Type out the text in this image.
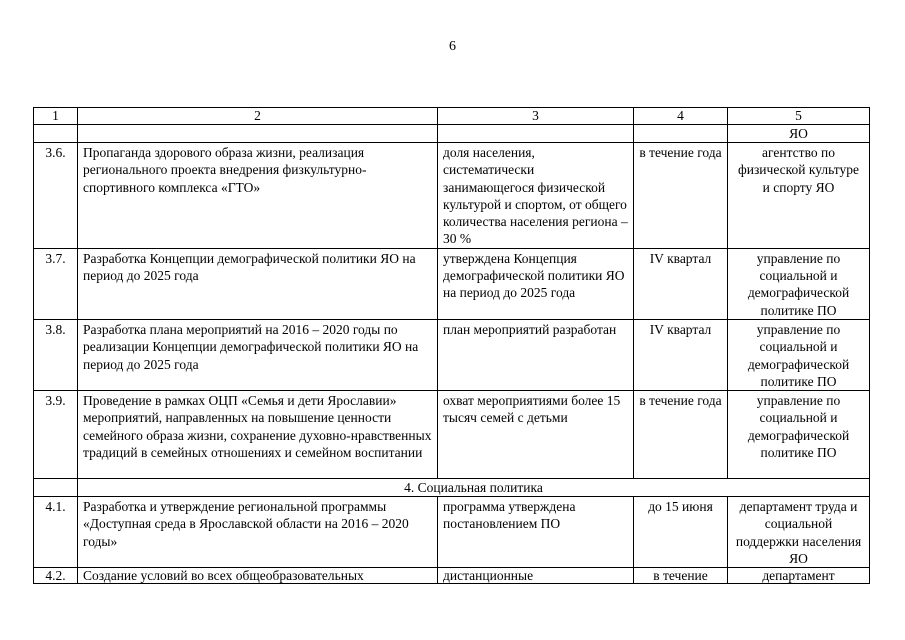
6
1	2	3	4	5
				ЯО
3.6.	Пропаганда здорового образа жизни, реализация регионального проекта внедрения физкультурно-спортивного комплекса «ГТО»	доля населения, систематически занимающегося физической культурой и спортом, от общего количества населения региона – 30 %	в течение года	агентство по физической культуре и спорту ЯО
3.7.	Разработка Концепции демографической политики ЯО на период до 2025 года	утверждена Концепция демографической политики ЯО на период до 2025 года	IV квартал	управление по социальной и демографической политике ПО
3.8.	Разработка плана мероприятий на 2016 – 2020 годы по реализации Концепции демографической политики ЯО на период до 2025 года	план мероприятий разработан	IV квартал	управление по социальной и демографической политике ПО
3.9.	Проведение в рамках ОЦП «Семья и дети Ярославии» мероприятий, направленных на повышение ценности семейного образа жизни, сохранение духовно-нравственных традиций в семейных отношениях и семейном воспитании	охват мероприятиями более 15 тысяч семей с детьми	в течение года	управление по социальной и демографической политике ПО
	4. Социальная политика			
4.1.	Разработка и утверждение региональной программы «Доступная среда в Ярославской области на 2016 – 2020 годы»	программа утверждена постановлением ПО	до 15 июня	департамент труда и социальной поддержки населения ЯО
4.2.	Создание условий во всех общеобразовательных	дистанционные	в течение	департамент
